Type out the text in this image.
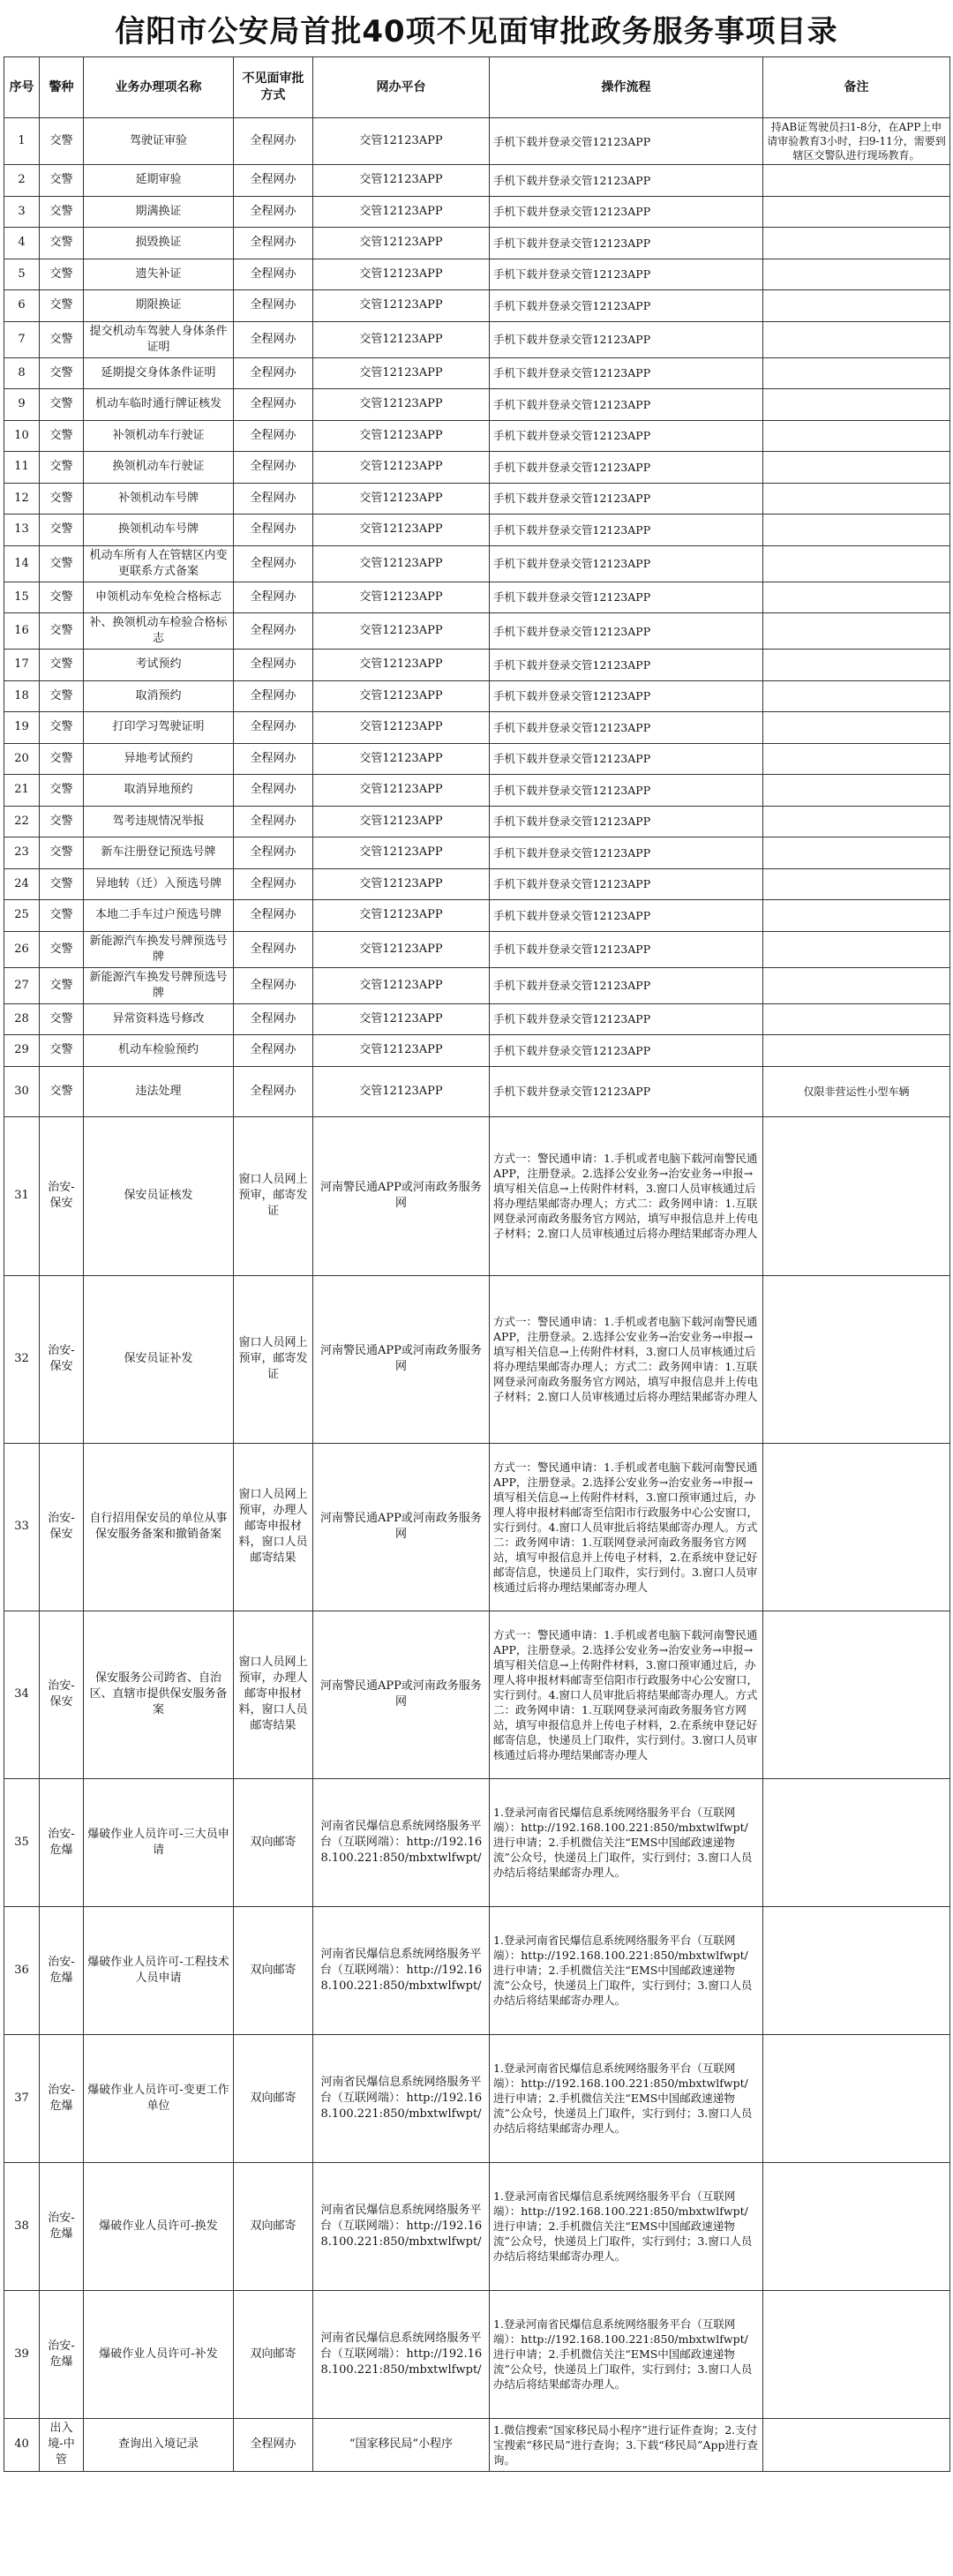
信阳市公安局首批40项不见面审批政务服务事项目录
序号	警种	业务办理项名称	不见面审批方式	网办平台	操作流程	备注
1	交警	驾驶证审验	全程网办	交管12123APP	手机下载并登录交管12123APP	持AB证驾驶员扫1-8分，在APP上申请审验教育3小时，扫9-11分，需要到辖区交警队进行现场教育。
2	交警	延期审验	全程网办	交管12123APP	手机下载并登录交管12123APP	
3	交警	期满换证	全程网办	交管12123APP	手机下载并登录交管12123APP	
4	交警	损毁换证	全程网办	交管12123APP	手机下载并登录交管12123APP	
5	交警	遗失补证	全程网办	交管12123APP	手机下载并登录交管12123APP	
6	交警	期限换证	全程网办	交管12123APP	手机下载并登录交管12123APP	
7	交警	提交机动车驾驶人身体条件证明	全程网办	交管12123APP	手机下载并登录交管12123APP	
8	交警	延期提交身体条件证明	全程网办	交管12123APP	手机下载并登录交管12123APP	
9	交警	机动车临时通行牌证核发	全程网办	交管12123APP	手机下载并登录交管12123APP	
10	交警	补领机动车行驶证	全程网办	交管12123APP	手机下载并登录交管12123APP	
11	交警	换领机动车行驶证	全程网办	交管12123APP	手机下载并登录交管12123APP	
12	交警	补领机动车号牌	全程网办	交管12123APP	手机下载并登录交管12123APP	
13	交警	换领机动车号牌	全程网办	交管12123APP	手机下载并登录交管12123APP	
14	交警	机动车所有人在管辖区内变更联系方式备案	全程网办	交管12123APP	手机下载并登录交管12123APP	
15	交警	申领机动车免检合格标志	全程网办	交管12123APP	手机下载并登录交管12123APP	
16	交警	补、换领机动车检验合格标志	全程网办	交管12123APP	手机下载并登录交管12123APP	
17	交警	考试预约	全程网办	交管12123APP	手机下载并登录交管12123APP	
18	交警	取消预约	全程网办	交管12123APP	手机下载并登录交管12123APP	
19	交警	打印学习驾驶证明	全程网办	交管12123APP	手机下载并登录交管12123APP	
20	交警	异地考试预约	全程网办	交管12123APP	手机下载并登录交管12123APP	
21	交警	取消异地预约	全程网办	交管12123APP	手机下载并登录交管12123APP	
22	交警	驾考违规情况举报	全程网办	交管12123APP	手机下载并登录交管12123APP	
23	交警	新车注册登记预选号牌	全程网办	交管12123APP	手机下载并登录交管12123APP	
24	交警	异地转（迁）入预选号牌	全程网办	交管12123APP	手机下载并登录交管12123APP	
25	交警	本地二手车过户预选号牌	全程网办	交管12123APP	手机下载并登录交管12123APP	
26	交警	新能源汽车换发号牌预选号牌	全程网办	交管12123APP	手机下载并登录交管12123APP	
27	交警	新能源汽车换发号牌预选号牌	全程网办	交管12123APP	手机下载并登录交管12123APP	
28	交警	异常资料选号修改	全程网办	交管12123APP	手机下载并登录交管12123APP	
29	交警	机动车检验预约	全程网办	交管12123APP	手机下载并登录交管12123APP	
30	交警	违法处理	全程网办	交管12123APP	手机下载并登录交管12123APP	仅限非营运性小型车辆
31	治安-保安	保安员证核发	窗口人员网上预审，邮寄发证	河南警民通APP或河南政务服务网	方式一：警民通申请：1.手机或者电脑下载河南警民通APP，注册登录。2.选择公安业务→治安业务→申报→填写相关信息→上传附件材料，3.窗口人员审核通过后将办理结果邮寄办理人；方式二：政务网申请：1.互联网登录河南政务服务官方网站，填写申报信息并上传电子材料；2.窗口人员审核通过后将办理结果邮寄办理人	
32	治安-保安	保安员证补发	窗口人员网上预审，邮寄发证	河南警民通APP或河南政务服务网	方式一：警民通申请：1.手机或者电脑下载河南警民通APP，注册登录。2.选择公安业务→治安业务→申报→填写相关信息→上传附件材料，3.窗口人员审核通过后将办理结果邮寄办理人；方式二：政务网申请：1.互联网登录河南政务服务官方网站，填写申报信息并上传电子材料；2.窗口人员审核通过后将办理结果邮寄办理人	
33	治安-保安	自行招用保安员的单位从事保安服务备案和撤销备案	窗口人员网上预审，办理人邮寄申报材料，窗口人员邮寄结果	河南警民通APP或河南政务服务网	方式一：警民通申请：1.手机或者电脑下载河南警民通APP，注册登录。2.选择公安业务→治安业务→申报→填写相关信息→上传附件材料，3.窗口预审通过后，办理人将申报材料邮寄至信阳市行政服务中心公安窗口，实行到付。4.窗口人员审批后将结果邮寄办理人。方式二：政务网申请：1.互联网登录河南政务服务官方网站，填写申报信息并上传电子材料，2.在系统申登记好邮寄信息，快递员上门取件，实行到付。3.窗口人员审核通过后将办理结果邮寄办理人	
34	治安-保安	保安服务公司跨省、自治区、直辖市提供保安服务备案	窗口人员网上预审，办理人邮寄申报材料，窗口人员邮寄结果	河南警民通APP或河南政务服务网	方式一：警民通申请：1.手机或者电脑下载河南警民通APP，注册登录。2.选择公安业务→治安业务→申报→填写相关信息→上传附件材料，3.窗口预审通过后，办理人将申报材料邮寄至信阳市行政服务中心公安窗口，实行到付。4.窗口人员审批后将结果邮寄办理人。方式二：政务网申请：1.互联网登录河南政务服务官方网站，填写申报信息并上传电子材料，2.在系统申登记好邮寄信息，快递员上门取件，实行到付。3.窗口人员审核通过后将办理结果邮寄办理人	
35	治安-危爆	爆破作业人员许可-三大员申请	双向邮寄	河南省民爆信息系统网络服务平台（互联网端）：http://192.168.100.221:850/mbxtwlfwpt/	1.登录河南省民爆信息系统网络服务平台（互联网端）：http://192.168.100.221:850/mbxtwlfwpt/进行申请；2.手机微信关注“EMS中国邮政速递物流”公众号，快递员上门取件，实行到付；3.窗口人员办结后将结果邮寄办理人。	
36	治安-危爆	爆破作业人员许可-工程技术人员申请	双向邮寄	河南省民爆信息系统网络服务平台（互联网端）：http://192.168.100.221:850/mbxtwlfwpt/	1.登录河南省民爆信息系统网络服务平台（互联网端）：http://192.168.100.221:850/mbxtwlfwpt/进行申请；2.手机微信关注“EMS中国邮政速递物流”公众号，快递员上门取件，实行到付；3.窗口人员办结后将结果邮寄办理人。	
37	治安-危爆	爆破作业人员许可-变更工作单位	双向邮寄	河南省民爆信息系统网络服务平台（互联网端）：http://192.168.100.221:850/mbxtwlfwpt/	1.登录河南省民爆信息系统网络服务平台（互联网端）：http://192.168.100.221:850/mbxtwlfwpt/进行申请；2.手机微信关注“EMS中国邮政速递物流”公众号，快递员上门取件，实行到付；3.窗口人员办结后将结果邮寄办理人。	
38	治安-危爆	爆破作业人员许可-换发	双向邮寄	河南省民爆信息系统网络服务平台（互联网端）：http://192.168.100.221:850/mbxtwlfwpt/	1.登录河南省民爆信息系统网络服务平台（互联网端）：http://192.168.100.221:850/mbxtwlfwpt/进行申请；2.手机微信关注“EMS中国邮政速递物流”公众号，快递员上门取件，实行到付；3.窗口人员办结后将结果邮寄办理人。	
39	治安-危爆	爆破作业人员许可-补发	双向邮寄	河南省民爆信息系统网络服务平台（互联网端）：http://192.168.100.221:850/mbxtwlfwpt/	1.登录河南省民爆信息系统网络服务平台（互联网端）：http://192.168.100.221:850/mbxtwlfwpt/进行申请；2.手机微信关注“EMS中国邮政速递物流”公众号，快递员上门取件，实行到付；3.窗口人员办结后将结果邮寄办理人。	
40	出入境-中管	查询出入境记录	全程网办	“国家移民局”小程序	1.微信搜索“国家移民局小程序”进行证件查询；2.支付宝搜索“移民局”进行查询；3.下载“移民局”App进行查询。	
